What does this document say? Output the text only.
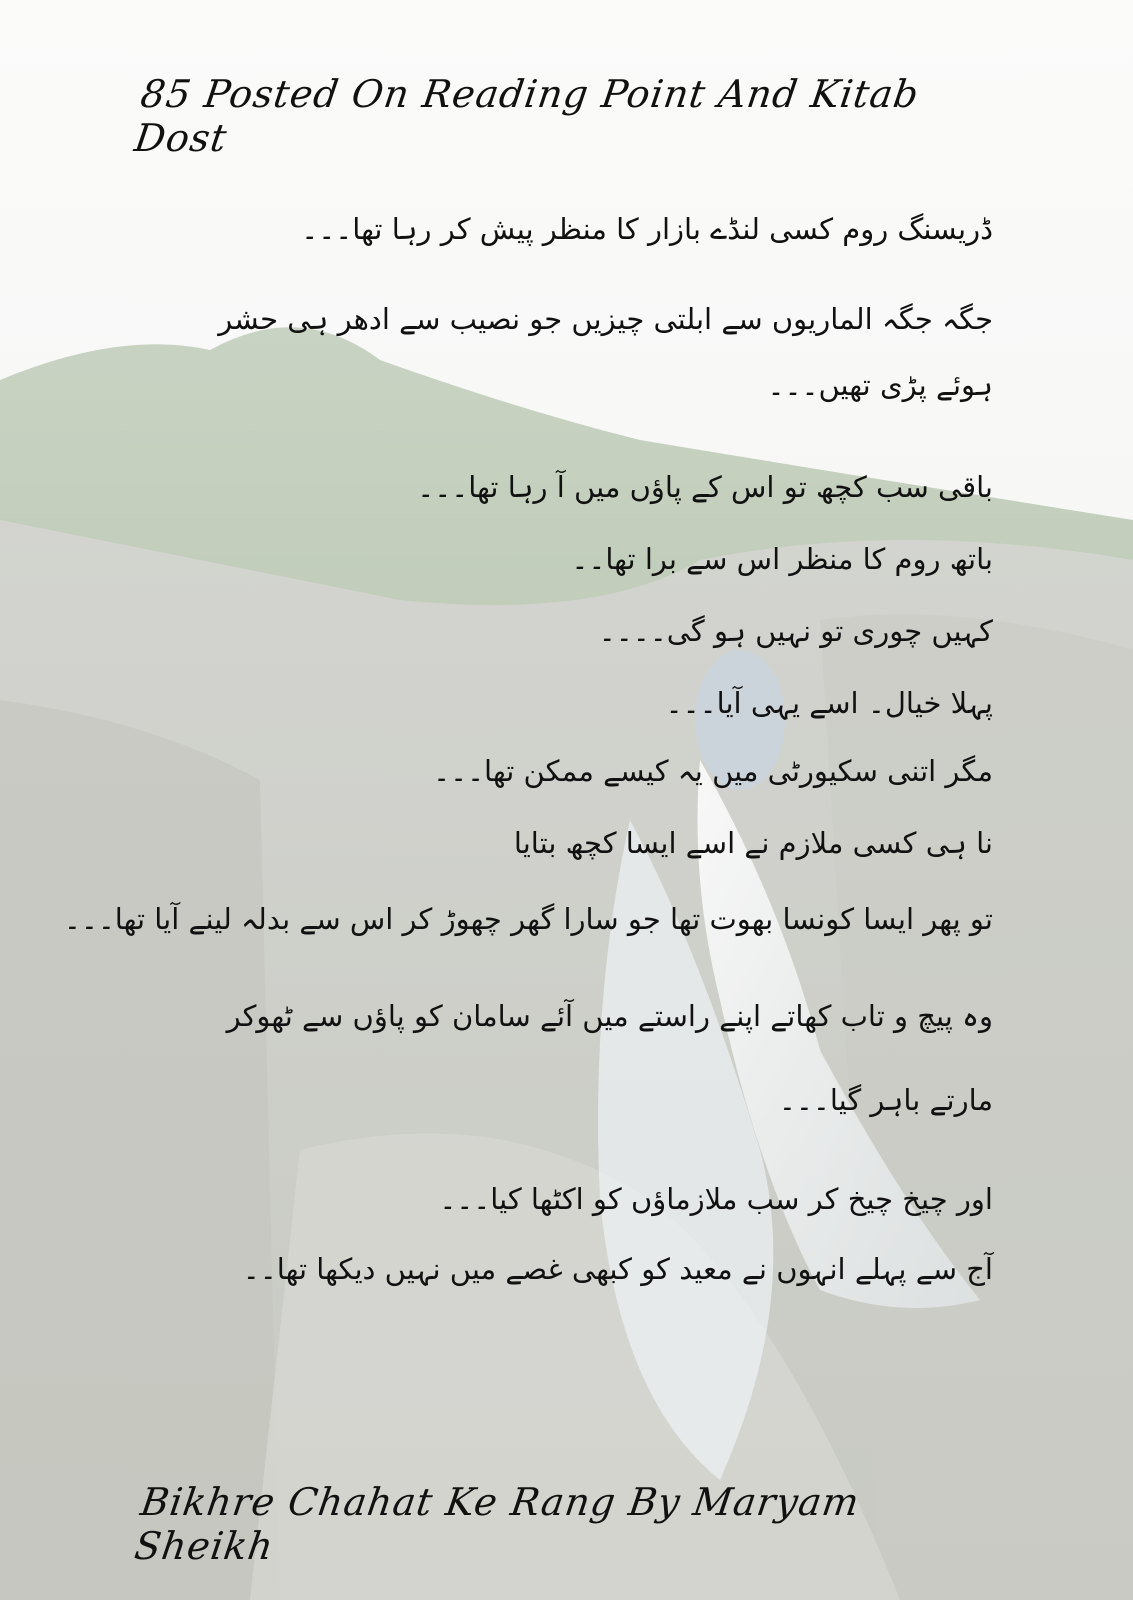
85 Posted On Reading Point And Kitab Dost

ڈریسنگ روم کسی لنڈے بازار کا منظر پیش کر رہا تھا۔۔۔

جگہ جگہ الماریوں سے ابلتی چیزیں جو نصیب سے ادھر ہی حشر ہوئے پڑی تھیں۔۔۔

باقی سب کچھ تو اس کے پاؤں میں آ رہا تھا۔۔۔

باتھ روم کا منظر اس سے برا تھا۔۔

کہیں چوری تو نہیں ہو گی۔۔۔۔

پہلا خیال۔ اسے یہی آیا۔۔۔

مگر اتنی سکیورٹی میں یہ کیسے ممکن تھا۔۔۔

نا ہی کسی ملازم نے اسے ایسا کچھ بتایا

تو پھر ایسا کونسا بھوت تھا جو سارا گھر چھوڑ کر اس سے بدلہ لینے آیا تھا۔۔۔

وہ پیچ و تاب کھاتے اپنے راستے میں آئے سامان کو پاؤں سے ٹھوکر مارتے باہر گیا۔۔۔

اور چیخ چیخ کر سب ملازماؤں کو اکٹھا کیا۔۔۔

آج سے پہلے انہوں نے معید کو کبھی غصے میں نہیں دیکھا تھا۔۔

Bikhre Chahat Ke Rang By Maryam Sheikh
